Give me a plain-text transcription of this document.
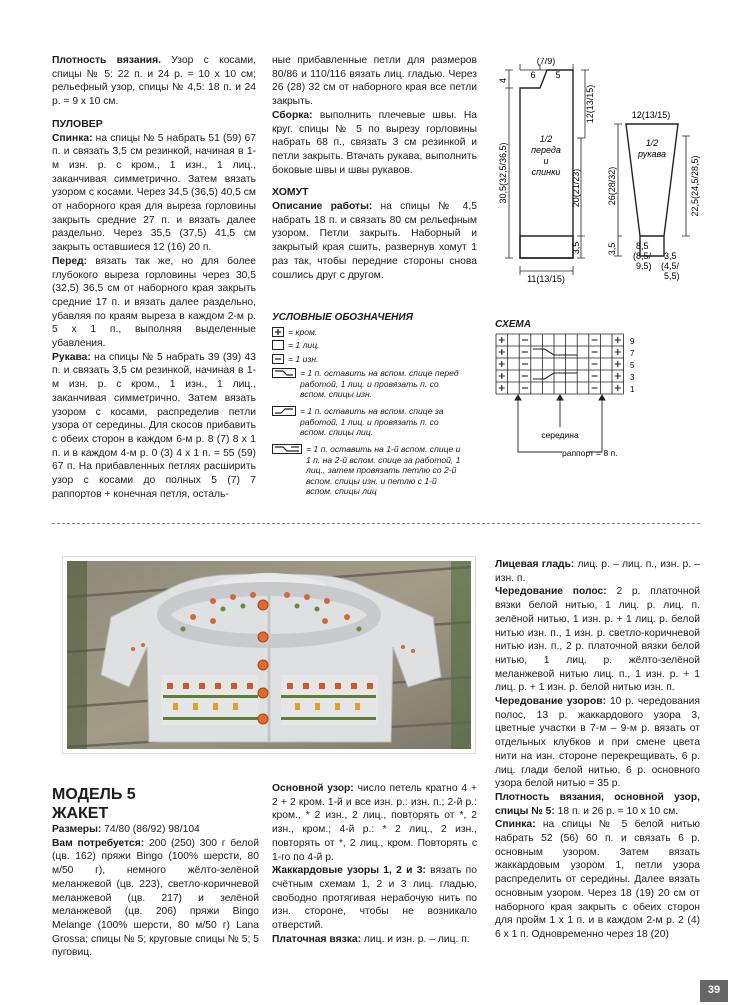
Плотность вязания. Узор с косами, спицы № 5: 22 п. и 24 р. = 10 х 10 см; рельефный узор, спицы № 4,5: 18 п. и 24 р. = 9 х 10 см.

ПУЛОВЕР

Спинка: на спицы № 5 набрать 51 (59) 67 п. и связать 3,5 см резинкой, начиная в 1-м изн. р. с кром., 1 изн., 1 лиц., заканчивая симметрично. Затем вязать узором с косами. Через 34,5 (36,5) 40,5 см от наборного края для выреза горловины закрыть средние 27 п. и вязать далее раздельно. Через 35,5 (37,5) 41,5 см закрыть оставшиеся 12 (16) 20 п.

Перед: вязать так же, но для более глубокого выреза горловины через 30,5 (32,5) 36,5 см от наборного края закрыть средние 17 п. и вязать далее раздельно, убавляя по краям выреза в каждом 2-м р. 5 х 1 п., выполняя выделенные убавления.

Рукава: на спицы № 5 набрать 39 (39) 43 п. и связать 3,5 см резинкой, начиная в 1-м изн. р. с кром., 1 изн., 1 лиц., заканчивая симметрично. Затем вязать узором с косами, распределив петли узора от середины. Для скосов прибавить с обеих сторон в каждом 6-м р. 8 (7) 8 х 1 п. и в каждом 4-м р. 0 (3) 4 х 1 п. = 55 (59) 67 п. На прибавленных петлях расширить узор с косами до полных 5 (7) 7 раппортов + конечная петля, осталь-

ные прибавленные петли для размеров 80/86 и 110/116 вязать лиц. гладью. Через 26 (28) 32 см от наборного края все петли закрыть.

Сборка: выполнить плечевые швы. На круг. спицы № 5 по вырезу горловины набрать 68 п., связать 3 см резинкой и петли закрыть. Втачать рукава, выполнить боковые швы и швы рукавов.

ХОМУТ

Описание работы: на спицы № 4,5 набрать 18 п. и связать 80 см рельефным узором. Петли закрыть. Наборный и закрытый края сшить, развернув хомут 1 раз так, чтобы передние стороны снова сошлись друг с другом.

УСЛОВНЫЕ ОБОЗНАЧЕНИЯ
= кром.
= 1 лиц.
= 1 изн.
= 1 п. оставить на вспом. спице перед работой, 1 лиц. и провязать п. со вспом. спицы изн.
= 1 п. оставить на вспом. спице за работой, 1 лиц. и провязать п. со вспом. спицы лиц.
= 1 п. оставить на 1-й вспом. спице и 1 п. на 2-й вспом. спице за работой, 1 лиц., затем провязать петлю со 2-й вспом. спицы изн. и петлю с 1-й вспом. спицы лиц
(7/9)
6 5
4
30,5(32,5/36,5)	20(21/23)
12(13/15)
3,5
11(13/15)
1/2 переда и спинки
12(13/15)
26(28/32)	22,5(24,5/28,5)
3,5
1/2 рукава
8,5 (8,5/ 9,5)
3,5 (4,5/ 5,5)
СХЕМА
9
7
5
3
1
середина
раппорт = 8 п.
МОДЕЛЬ 5
ЖАКЕТ

Размеры: 74/80 (86/92) 98/104

Вам потребуется: 200 (250) 300 г белой (цв. 162) пряжи Bingo (100% шерсти, 80 м/50 г), немного жёлто-зелёной меланжевой (цв. 223), светло-коричневой меланжевой (цв. 217) и зелёной меланжевой (цв. 206) пряжи Bingo Melange (100% шерсти, 80 м/50 г) Lana Grossa; спицы № 5; круговые спицы № 5; 5 пуговиц.

Основной узор: число петель кратно 4 + 2 + 2 кром. 1-й и все изн. р.: изн. п.; 2-й р.: кром., * 2 изн., 2 лиц., повторять от *, 2 изн., кром.; 4-й р.: * 2 лиц., 2 изн., повторять от *, 2 лиц., кром. Повторять с 1-го по 4-й р.

Жаккардовые узоры 1, 2 и 3: вязать по счётным схемам 1, 2 и 3 лиц. гладью, свободно протягивая нерабочую нить по изн. стороне, чтобы не возникало отверстий.

Платочная вязка: лиц. и изн. р. – лиц. п.

Лицевая гладь: лиц. р. – лиц. п., изн. р. – изн. п.

Чередование полос: 2 р. платочной вязки белой нитью, 1 лиц. р. лиц. п. зелёной нитью, 1 изн. р. + 1 лиц. р. белой нитью изн. п., 1 изн. р. светло-коричневой нитью изн. п., 2 р. платочной вязки белой нитью, 1 лиц. р. жёлто-зелёной меланжевой нитью лиц. п., 1 изн. р. + 1 лиц. р. + 1 изн. р. белой нитью изн. п.

Чередование узоров: 10 р. чередования полос, 13 р. жаккардового узора 3, цветные участки в 7-м – 9-м р. вязать от отдельных клубков и при смене цвета нити на изн. стороне перекрещивать, 6 р. лиц. глади белой нитью, 6 р. основного узора белой нитью = 35 р.

Плотность вязания, основной узор, спицы № 5: 18 п. и 26 р. = 10 х 10 см.

Спинка: на спицы № 5 белой нитью набрать 52 (56) 60 п. и связать 6 р. основным узором. Затем вязать жаккардовым узором 1, петли узора распределить от середины. Далее вязать основным узором. Через 18 (19) 20 см от наборного края закрыть с обеих сторон для пройм 1 х 1 п. и в каждом 2-м р. 2 (4) 6 х 1 п. Одновременно через 18 (20)

39
